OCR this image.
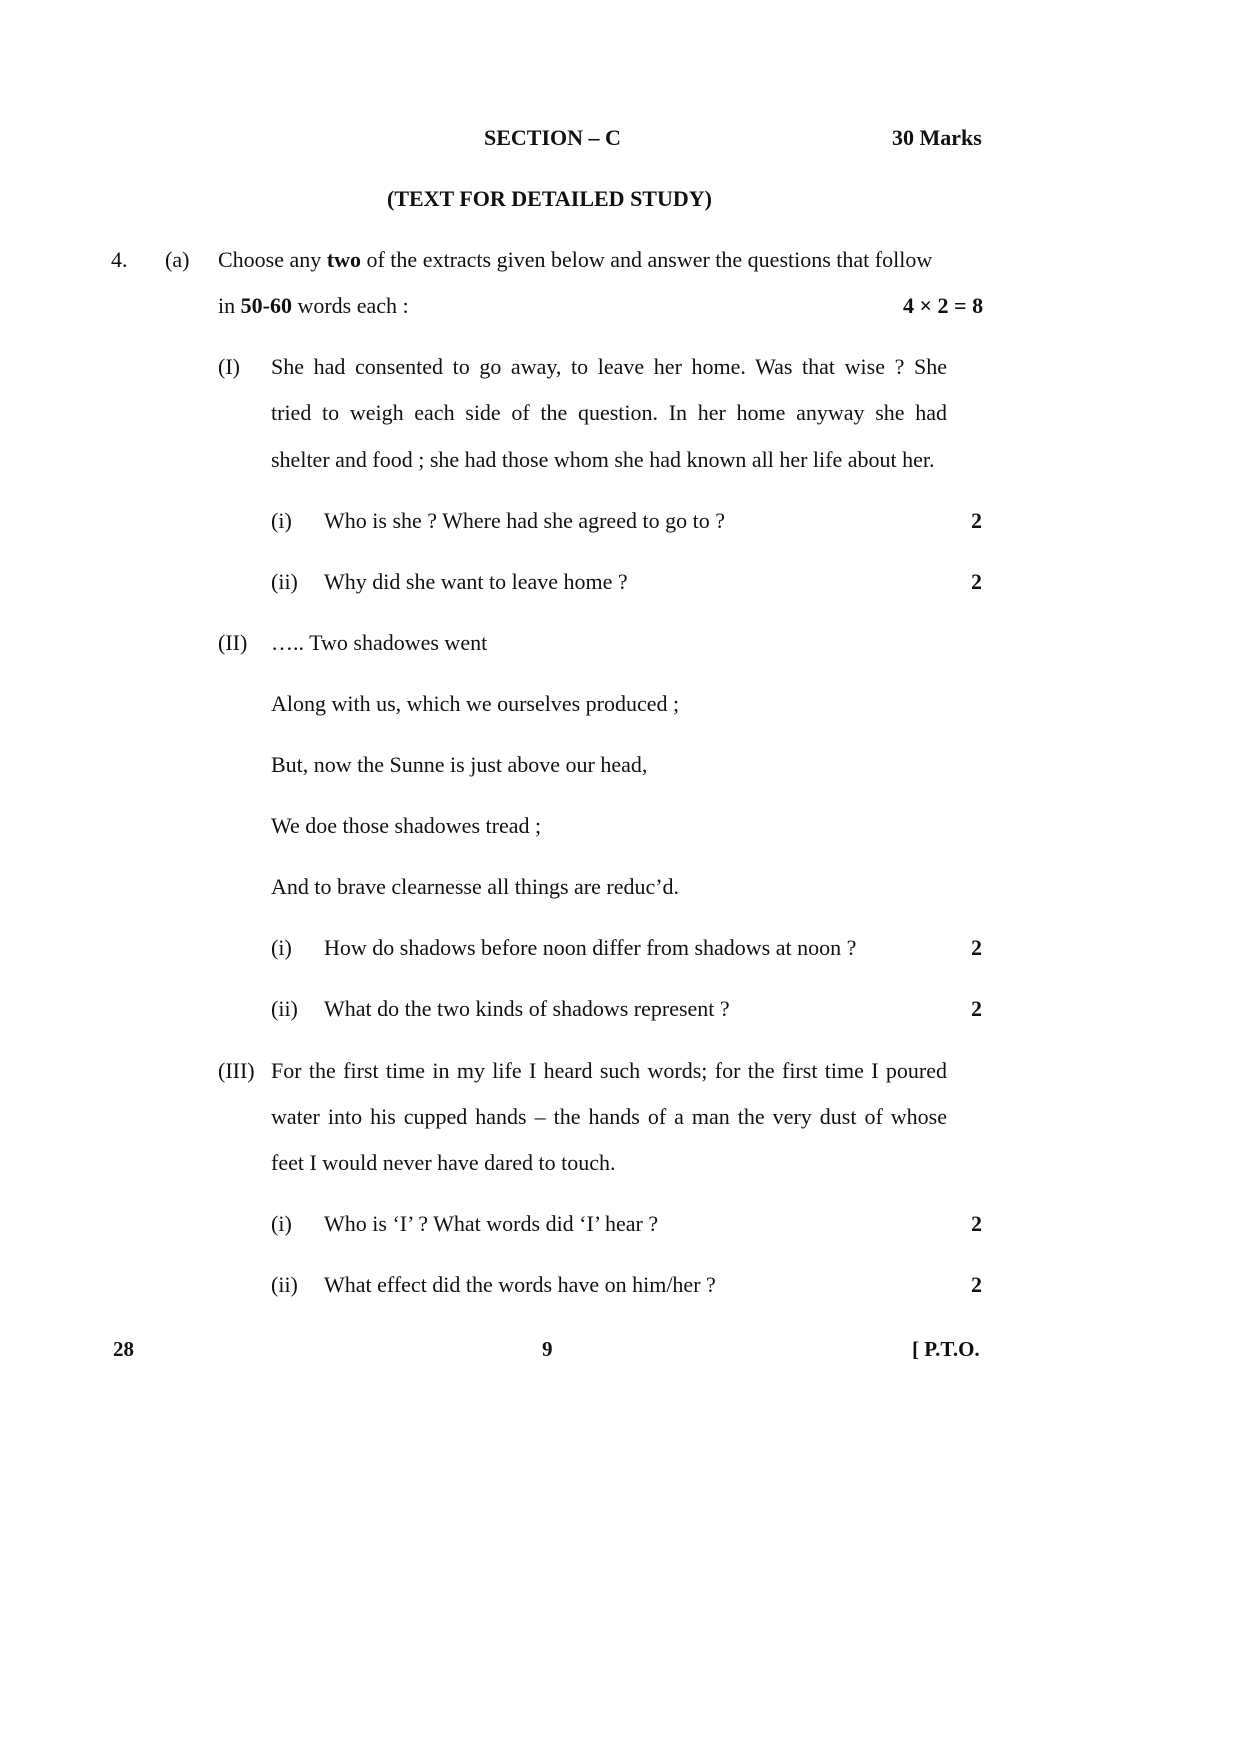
SECTION – C	30 Marks
(TEXT FOR DETAILED STUDY)
4. (a) Choose any two of the extracts given below and answer the questions that follow
in 50-60 words each :	4 × 2 = 8
(I) She had consented to go away, to leave her home. Was that wise ? She
tried to weigh each side of the question. In her home anyway she had
shelter and food ; she had those whom she had known all her life about her.
(i) Who is she ? Where had she agreed to go to ?	2
(ii) Why did she want to leave home ?	2
(II) ….. Two shadowes went
Along with us, which we ourselves produced ;
But, now the Sunne is just above our head,
We doe those shadowes tread ;
And to brave clearnesse all things are reduc’d.
(i) How do shadows before noon differ from shadows at noon ?	2
(ii) What do the two kinds of shadows represent ?	2
(III) For the first time in my life I heard such words; for the first time I poured
water into his cupped hands – the hands of a man the very dust of whose
feet I would never have dared to touch.
(i) Who is ‘I’ ? What words did ‘I’ hear ?	2
(ii) What effect did the words have on him/her ?	2
28	9	[ P.T.O.
